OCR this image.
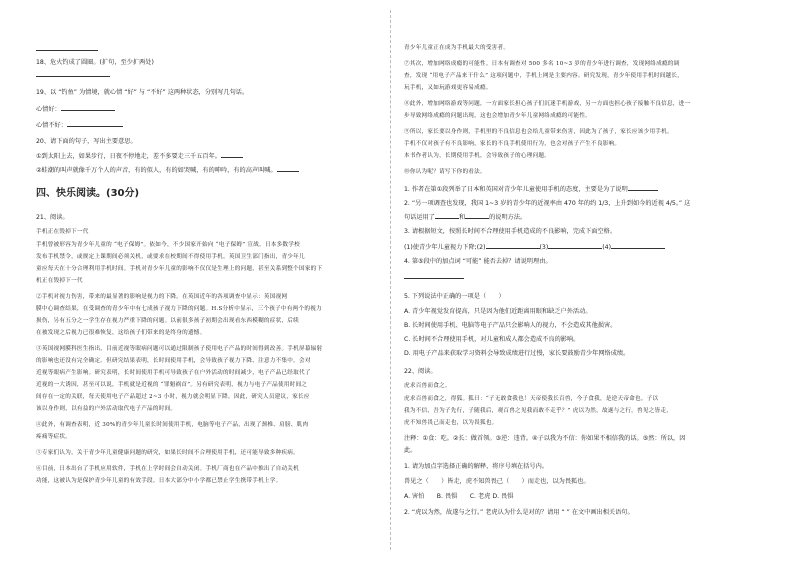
18、危火钓成了圆圈。(扩句，至少扩两处)
19、以 “钓鱼” 为情境，就心情 “好” 与 “不好” 这两种状态，分别写几句话。
心情好：
心情不好：
20、请下面的句子，写出主要意思。
①到太阳上去，如果步行，日夜不停地走，差不多要走三千五百年。
②蛙潮的叫声就像千万个人的声音，有的似人，有的如哭喊，有的呻吟，有的高声叫喊。
四、快乐阅读。(30分)
21、阅读。
手机正在毁掉下一代
手机曾被形容为青少年儿童的 “电子保姆”。依如今，不少国家开始向 “电子保姆” 宣战。日本多数学校
发布手机禁令，或规定上课期间必须关机，或要求在校期间不得使用手机。英国卫生部门指出，青少年儿
童应每天在十分合理利用手机时间。手机对青少年儿童的影响不仅仅是生理上的问题，甚至关系到整个国家的下
机正在毁掉下一代
②手机对视力伤害，带来的最显著的影响是视力的下降。在英国近年的各项调查中显示：英国视网
膜中心调查结果，在受调查的青少年中有七成孩子视力下降的问题。H.S分析中显示，三个孩子中有两个的视力
损伤，另有五分之一学生存在视力严重下降的问题。以前很多孩子初期会出现看东西模糊的症状，后续
在被发现之后视力已很难恢复，这给孩子们带来的是终身的遗憾。
③英国视网膜科医生指出，目前近视等眼病问题可以通过限制孩子使用电子产品的时间得到改善。手机屏幕辐射
的影响也还没有完全确定。但研究结果表明，长时间使用手机，会导致孩子视力下降、注意力不集中，会对
近视等眼病产生影响。研究表明，长时间使用手机可导致孩子在户外活动的时间减少，电子产品已经取代了
近视的一大诱因，甚至可以说，手机就是近视的 “罪魁祸首”。另有研究表明，视力与电子产品使用时间之
间存在一定的关联，每天使用电子产品超过 2~3 小时，视力就会明显下降。因此，研究人员建议，家长应
该以身作则，以有益的户外活动取代电子产品的时间。
④此外，有调查表明，近 30%的青少年儿童长时间使用手机，电脑等电子产品，出现了颈椎、肩膀、肌肉
疼痛等症状。
⑤专家们认为，关于青少年儿童健康问题的研究，如果长时间不合理使用手机，还可能导致多种疾病。
⑥目前，日本出台了手机应用软件，手机在上学时间会自动关闭。手机厂商也在产品中推出了自动关机
功能，这被认为是保护青少年儿童的有效手段。日本大部分中小学都已禁止学生携带手机上学。
青少年儿童正在成为手机最大的受害者。
⑦其次，增加网络成瘾的可能性。日本有调查对 500 多名 10~3 岁的青少年进行调查，发现网络成瘾的调
查，发现 “用电子产品来干什么” 这项问题中，手机上网是主要内容。研究发现，青少年使用手机时间越长，
玩手机，又如玩游戏更容易成瘾。
⑧此外，增加网络游戏等问题，一方面家长担心孩子们沉迷手机游戏，另一方面也担心孩子接触不良信息，进一
步导致网络成瘾的问题出现，这也会增加青少年儿童网络成瘾的可能性。
⑨所以，家长要以身作则，手机里的不良信息也会给儿童带来伤害，因此为了孩子，家长应该少用手机。
手机不仅对孩子有不良影响，家长的不良手机使用行为，也会对孩子产生不良影响。
本书作者认为，长期使用手机，会导致孩子的心理问题。
⑩你认为呢？请写下你的看法。
1. 作者在第①段列举了日本和英国对青少年儿童使用手机的态度，主要是为了说明
2. “另一项调查也发现，我国 1~3 岁的青少年的近视率由 470 年的约 1/3，上升到如今的近视 4/5。” 这
句话运用了	和	的说明方法。
3. 请根据短文，按照长时间不合理使用手机造成的不良影响，完成下面空格。
(1)使青少年儿童视力下降;(2)	(3)	(4)
4. 第⑤段中的加点词 “可能” 能否去掉？请说明理由。
5. 下列说法中正确的一项是（　　）
A. 青少年视觉发育提高，只是因为他们近距离用眼和缺乏户外活动。
B. 长时间使用手机、电脑等电子产品只会影响人的视力，不会造成其他损害。
C. 长时间不合理使用手机，对儿童和成人都会造成不良的影响。
D. 用电子产品来获取学习资料会导致成绩进行过慢，家长要鼓励青少年网络成绩。
22、阅读。
虎求百兽而食之。
虎求百兽而食之，得狐。狐曰：“子无敢食我也！天帝使我长百兽，今子食我，是逆天帝命也。子以
我为不信，吾为子先行，子随我后，观百兽之见我而敢不走乎？” 虎以为然，故遂与之行。兽见之皆走，
虎不知兽畏己而走也，以为畏狐也。
注释：①食：吃。②长：做首领。③逆：违背。④子以我为不信：你如果不相信我的话。⑤然：所以，因
此。
1. 请为加点字选择正确的解释，将序号填在括号内。
兽见之（　　）皆走，虎不知兽畏己（　　）而走也，以为畏狐也。
A. 害怕　　B. 畏惧　　C. 老虎 D. 畏惧
2. “虎以为然，故遂与之行。” 老虎认为什么是对的？请用 “ ” 在文中画出相关语句。
